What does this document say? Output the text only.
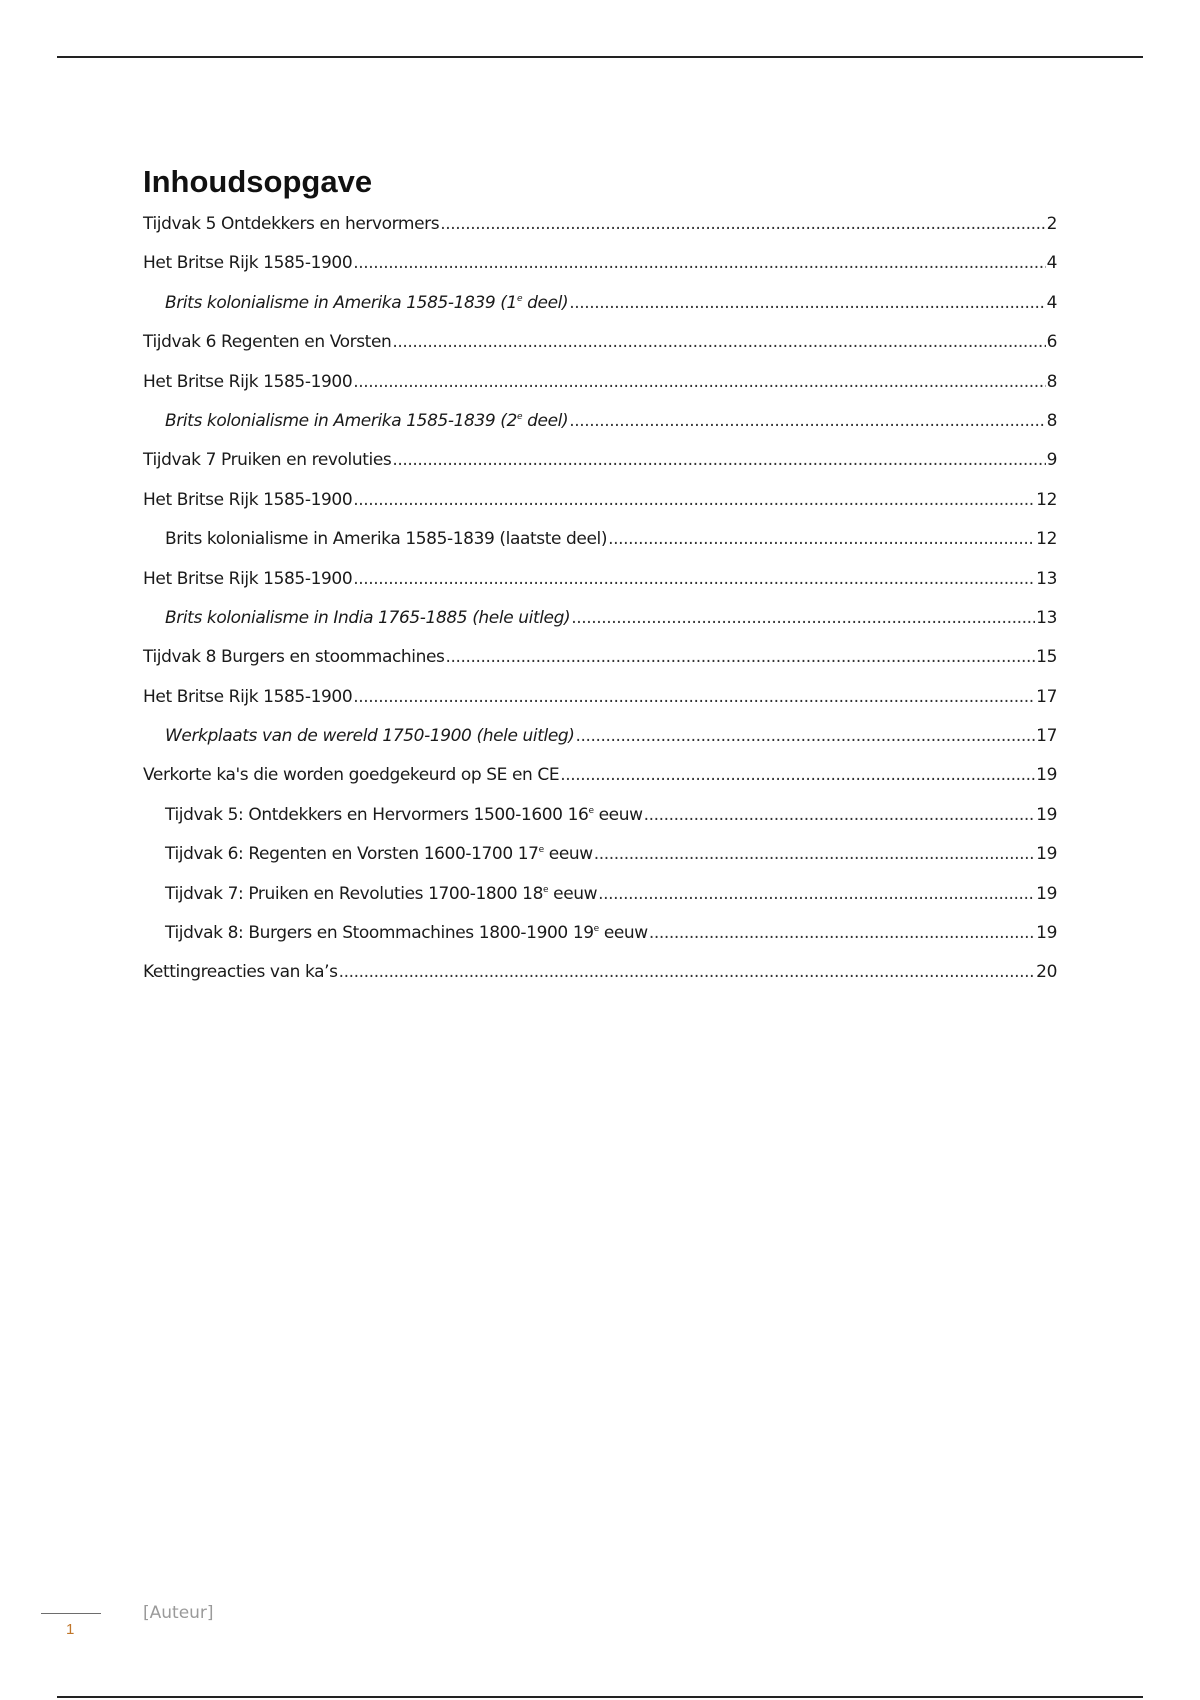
Inhoudsopgave
Tijdvak 5 Ontdekkers en hervormers .....	2
Het Britse Rijk 1585-1900 .....	4
Brits kolonialisme in Amerika 1585-1839 (1e deel) .....	4
Tijdvak 6 Regenten en Vorsten .....	6
Het Britse Rijk 1585-1900 .....	8
Brits kolonialisme in Amerika 1585-1839 (2e deel) .....	8
Tijdvak 7 Pruiken en revoluties .....	9
Het Britse Rijk 1585-1900 .....	12
Brits kolonialisme in Amerika 1585-1839 (laatste deel) .....	12
Het Britse Rijk 1585-1900 .....	13
Brits kolonialisme in India 1765-1885 (hele uitleg) .....	13
Tijdvak 8 Burgers en stoommachines .....	15
Het Britse Rijk 1585-1900 .....	17
Werkplaats van de wereld 1750-1900 (hele uitleg) .....	17
Verkorte ka's die worden goedgekeurd op SE en CE .....	19
Tijdvak 5: Ontdekkers en Hervormers 1500-1600 16e eeuw .....	19
Tijdvak 6: Regenten en Vorsten 1600-1700 17e eeuw .....	19
Tijdvak 7: Pruiken en Revoluties 1700-1800 18e eeuw .....	19
Tijdvak 8: Burgers en Stoommachines 1800-1900 19e eeuw .....	19
Kettingreacties van ka’s .....	20
1
[Auteur]
